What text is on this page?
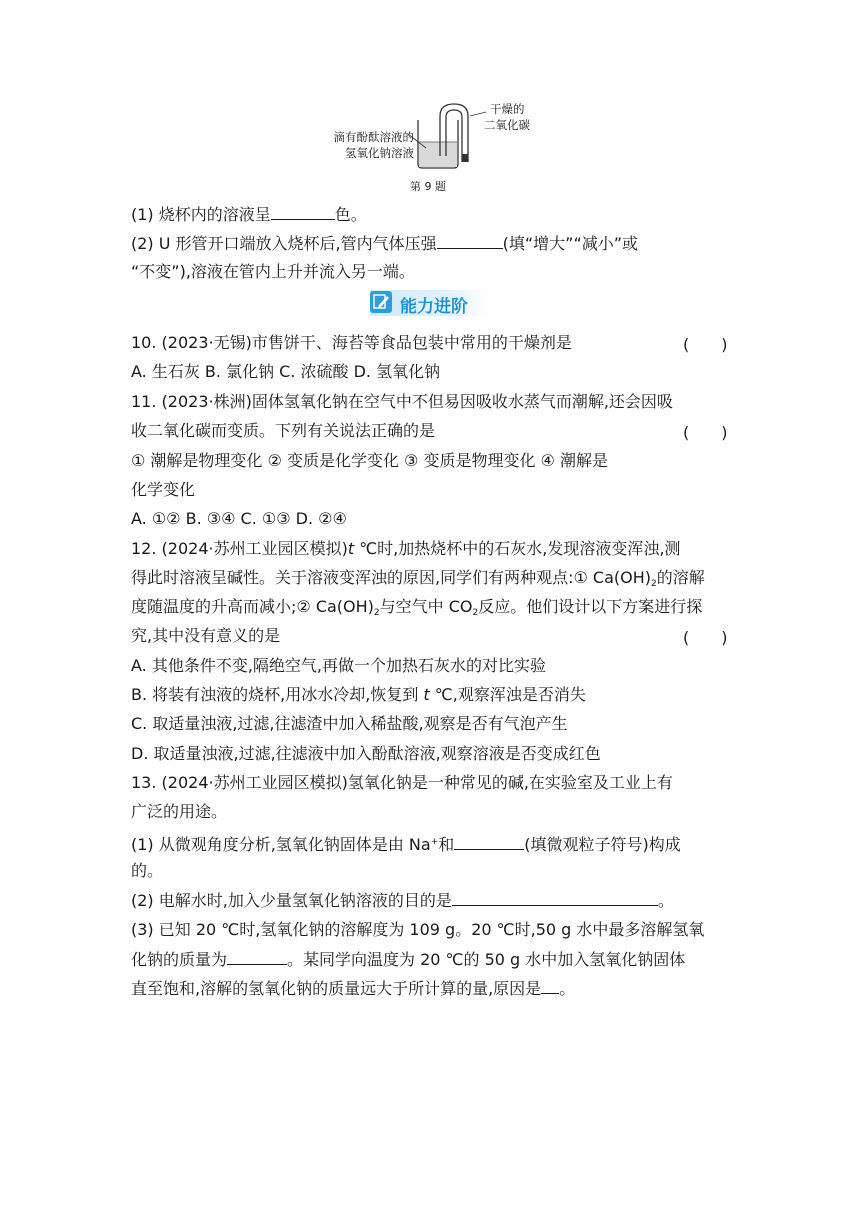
滴有酚酞溶液的
氢氧化钠溶液
干燥的
二氧化碳
第 9 题
(1) 烧杯内的溶液呈	色。
(2) U 形管开口端放入烧杯后,管内气体压强	(填“增大”“减小”或
“不变”),溶液在管内上升并流入另一端。
能力进阶
10. (2023·无锡)市售饼干、海苔等食品包装中常用的干燥剂是	(　　)
A. 生石灰 B. 氯化钠 C. 浓硫酸 D. 氢氧化钠
11. (2023·株洲)固体氢氧化钠在空气中不但易因吸收水蒸气而潮解,还会因吸
收二氧化碳而变质。下列有关说法正确的是	(　　)
① 潮解是物理变化 ② 变质是化学变化 ③ 变质是物理变化 ④ 潮解是
化学变化
A. ①② B. ③④ C. ①③ D. ②④
12. (2024·苏州工业园区模拟)t ℃时,加热烧杯中的石灰水,发现溶液变浑浊,测
得此时溶液呈碱性。关于溶液变浑浊的原因,同学们有两种观点:① $Ca(OH)_2$的溶解
度随温度的升高而减小;② $Ca(OH)_2$与空气中 $CO_2$反应。他们设计以下方案进行探
究,其中没有意义的是	(　　)
A. 其他条件不变,隔绝空气,再做一个加热石灰水的对比实验
B. 将装有浊液的烧杯,用冰水冷却,恢复到 t ℃,观察浑浊是否消失
C. 取适量浊液,过滤,往滤渣中加入稀盐酸,观察是否有气泡产生
D. 取适量浊液,过滤,往滤液中加入酚酞溶液,观察溶液是否变成红色
13. (2024·苏州工业园区模拟)氢氧化钠是一种常见的碱,在实验室及工业上有
广泛的用途。
(1) 从微观角度分析,氢氧化钠固体是由 Na+和	(填微观粒子符号)构成
的。
(2) 电解水时,加入少量氢氧化钠溶液的目的是	。
(3) 已知 20 ℃时,氢氧化钠的溶解度为 109 g。20 ℃时,50 g 水中最多溶解氢氧
化钠的质量为	。某同学向温度为 20 ℃的 50 g 水中加入氢氧化钠固体
直至饱和,溶解的氢氧化钠的质量远大于所计算的量,原因是 。
